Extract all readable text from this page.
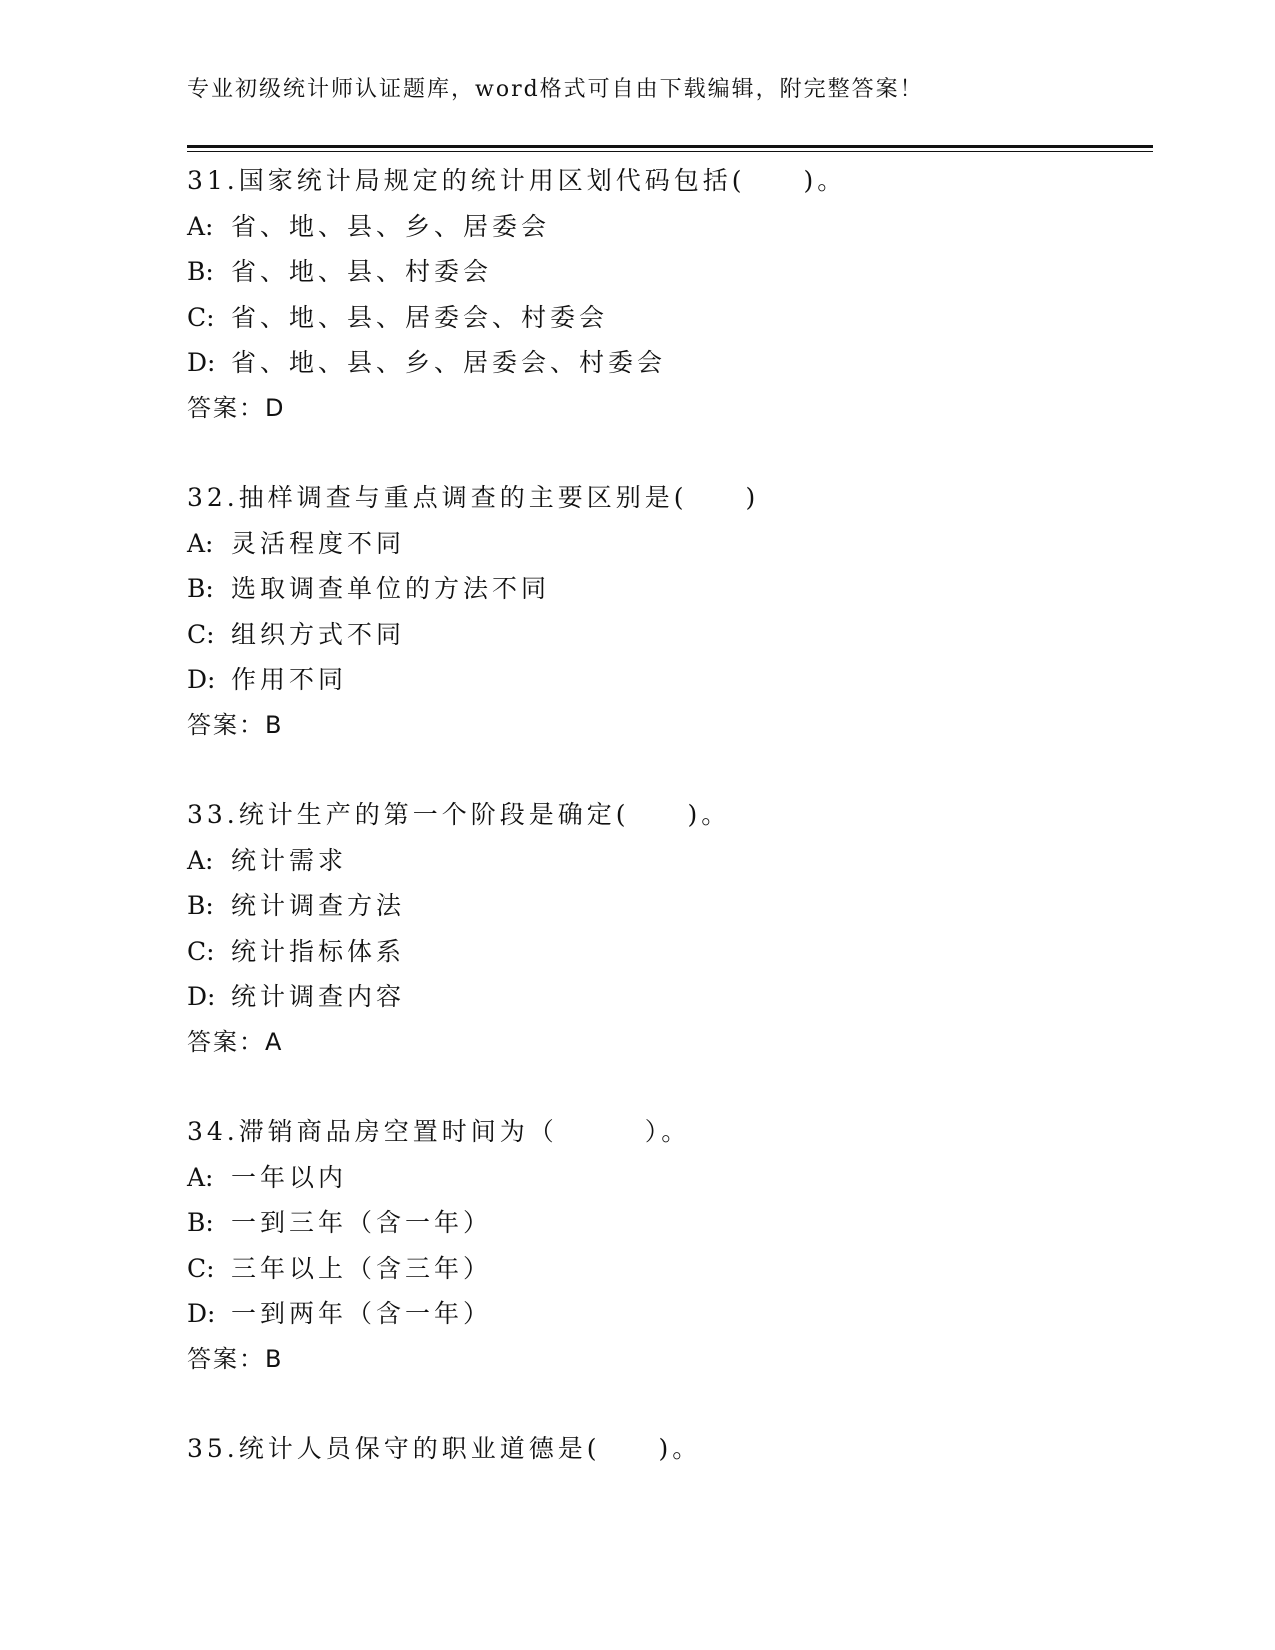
专业初级统计师认证题库，word格式可自由下载编辑，附完整答案！
31.国家统计局规定的统计用区划代码包括(　　)。
A: 省、地、县、乡、居委会
B: 省、地、县、村委会
C: 省、地、县、居委会、村委会
D: 省、地、县、乡、居委会、村委会
答案：D
32.抽样调查与重点调查的主要区别是(　　)
A: 灵活程度不同
B: 选取调查单位的方法不同
C: 组织方式不同
D: 作用不同
答案：B
33.统计生产的第一个阶段是确定(　　)。
A: 统计需求
B: 统计调查方法
C: 统计指标体系
D: 统计调查内容
答案：A
34.滞销商品房空置时间为（　　　）。
A: 一年以内
B: 一到三年（含一年）
C: 三年以上（含三年）
D: 一到两年（含一年）
答案：B
35.统计人员保守的职业道德是(　　)。
